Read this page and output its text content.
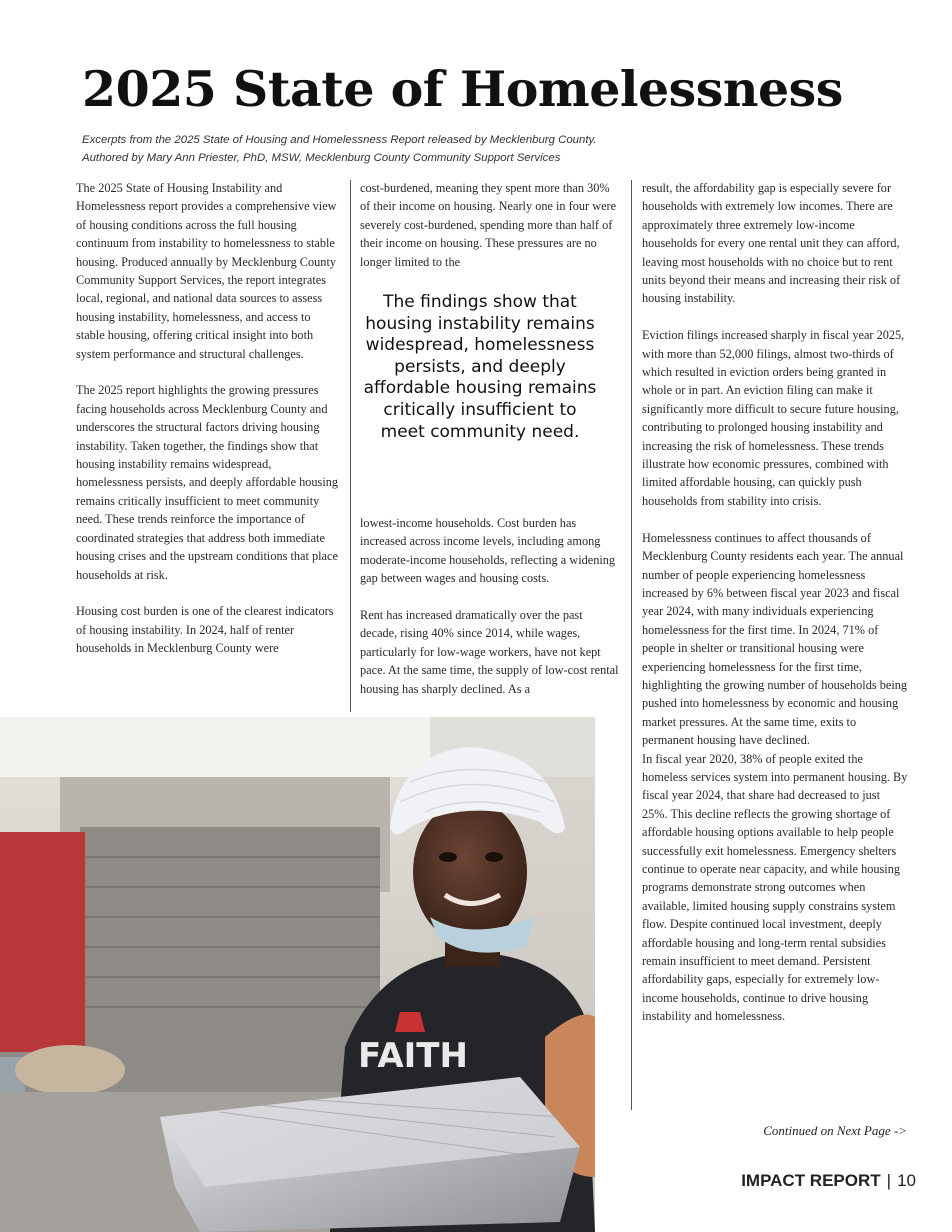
2025 State of Homelessness
Excerpts from the 2025 State of Housing and Homelessness Report released by Mecklenburg County.
Authored by Mary Ann Priester, PhD, MSW, Mecklenburg County Community Support Services

The 2025 State of Housing Instability and Homelessness report provides a comprehensive view of housing conditions across the full housing continuum from instability to homelessness to stable housing. Produced annually by Mecklenburg County Community Support Services, the report integrates local, regional, and national data sources to assess housing instability, homelessness, and access to stable housing, offering critical insight into both system performance and structural challenges.

The 2025 report highlights the growing pressures facing households across Mecklenburg County and underscores the structural factors driving housing instability. Taken together, the findings show that housing instability remains widespread, homelessness persists, and deeply affordable housing remains critically insufficient to meet community need. These trends reinforce the importance of coordinated strategies that address both immediate housing crises and the upstream conditions that place households at risk.

Housing cost burden is one of the clearest indicators of housing instability. In 2024, half of renter households in Mecklenburg County were

cost-burdened, meaning they spent more than 30% of their income on housing. Nearly one in four were severely cost-burdened, spending more than half of their income on housing. These pressures are no longer limited to the

The findings show that housing instability remains widespread, homelessness persists, and deeply affordable housing remains critically insufficient to meet community need.

lowest-income households. Cost burden has increased across income levels, including among moderate-income households, reflecting a widening gap between wages and housing costs.

Rent has increased dramatically over the past decade, rising 40% since 2014, while wages, particularly for low-wage workers, have not kept pace. At the same time, the supply of low-cost rental housing has sharply declined. As a

result, the affordability gap is especially severe for households with extremely low incomes. There are approximately three extremely low-income households for every one rental unit they can afford, leaving most households with no choice but to rent units beyond their means and increasing their risk of housing instability.

Eviction filings increased sharply in fiscal year 2025, with more than 52,000 filings, almost two-thirds of which resulted in eviction orders being granted in whole or in part. An eviction filing can make it significantly more difficult to secure future housing, contributing to prolonged housing instability and increasing the risk of homelessness. These trends illustrate how economic pressures, combined with limited affordable housing, can quickly push households from stability into crisis.

Homelessness continues to affect thousands of Mecklenburg County residents each year. The annual number of people experiencing homelessness increased by 6% between fiscal year 2023 and fiscal year 2024, with many individuals experiencing homelessness for the first time. In 2024, 71% of people in shelter or transitional housing were experiencing homelessness for the first time, highlighting the growing number of households being pushed into homelessness by economic and housing market pressures. At the same time, exits to permanent housing have declined.

In fiscal year 2020, 38% of people exited the homeless services system into permanent housing. By fiscal year 2024, that share had decreased to just 25%. This decline reflects the growing shortage of affordable housing options available to help people successfully exit homelessness. Emergency shelters continue to operate near capacity, and while housing programs demonstrate strong outcomes when available, limited housing supply constrains system flow. Despite continued local investment, deeply affordable housing and long-term rental subsidies remain insufficient to meet demand. Persistent affordability gaps, especially for extremely low-income households, continue to drive housing instability and homelessness.

FAITH
Continued on Next Page ->
IMPACT REPORT | 10
